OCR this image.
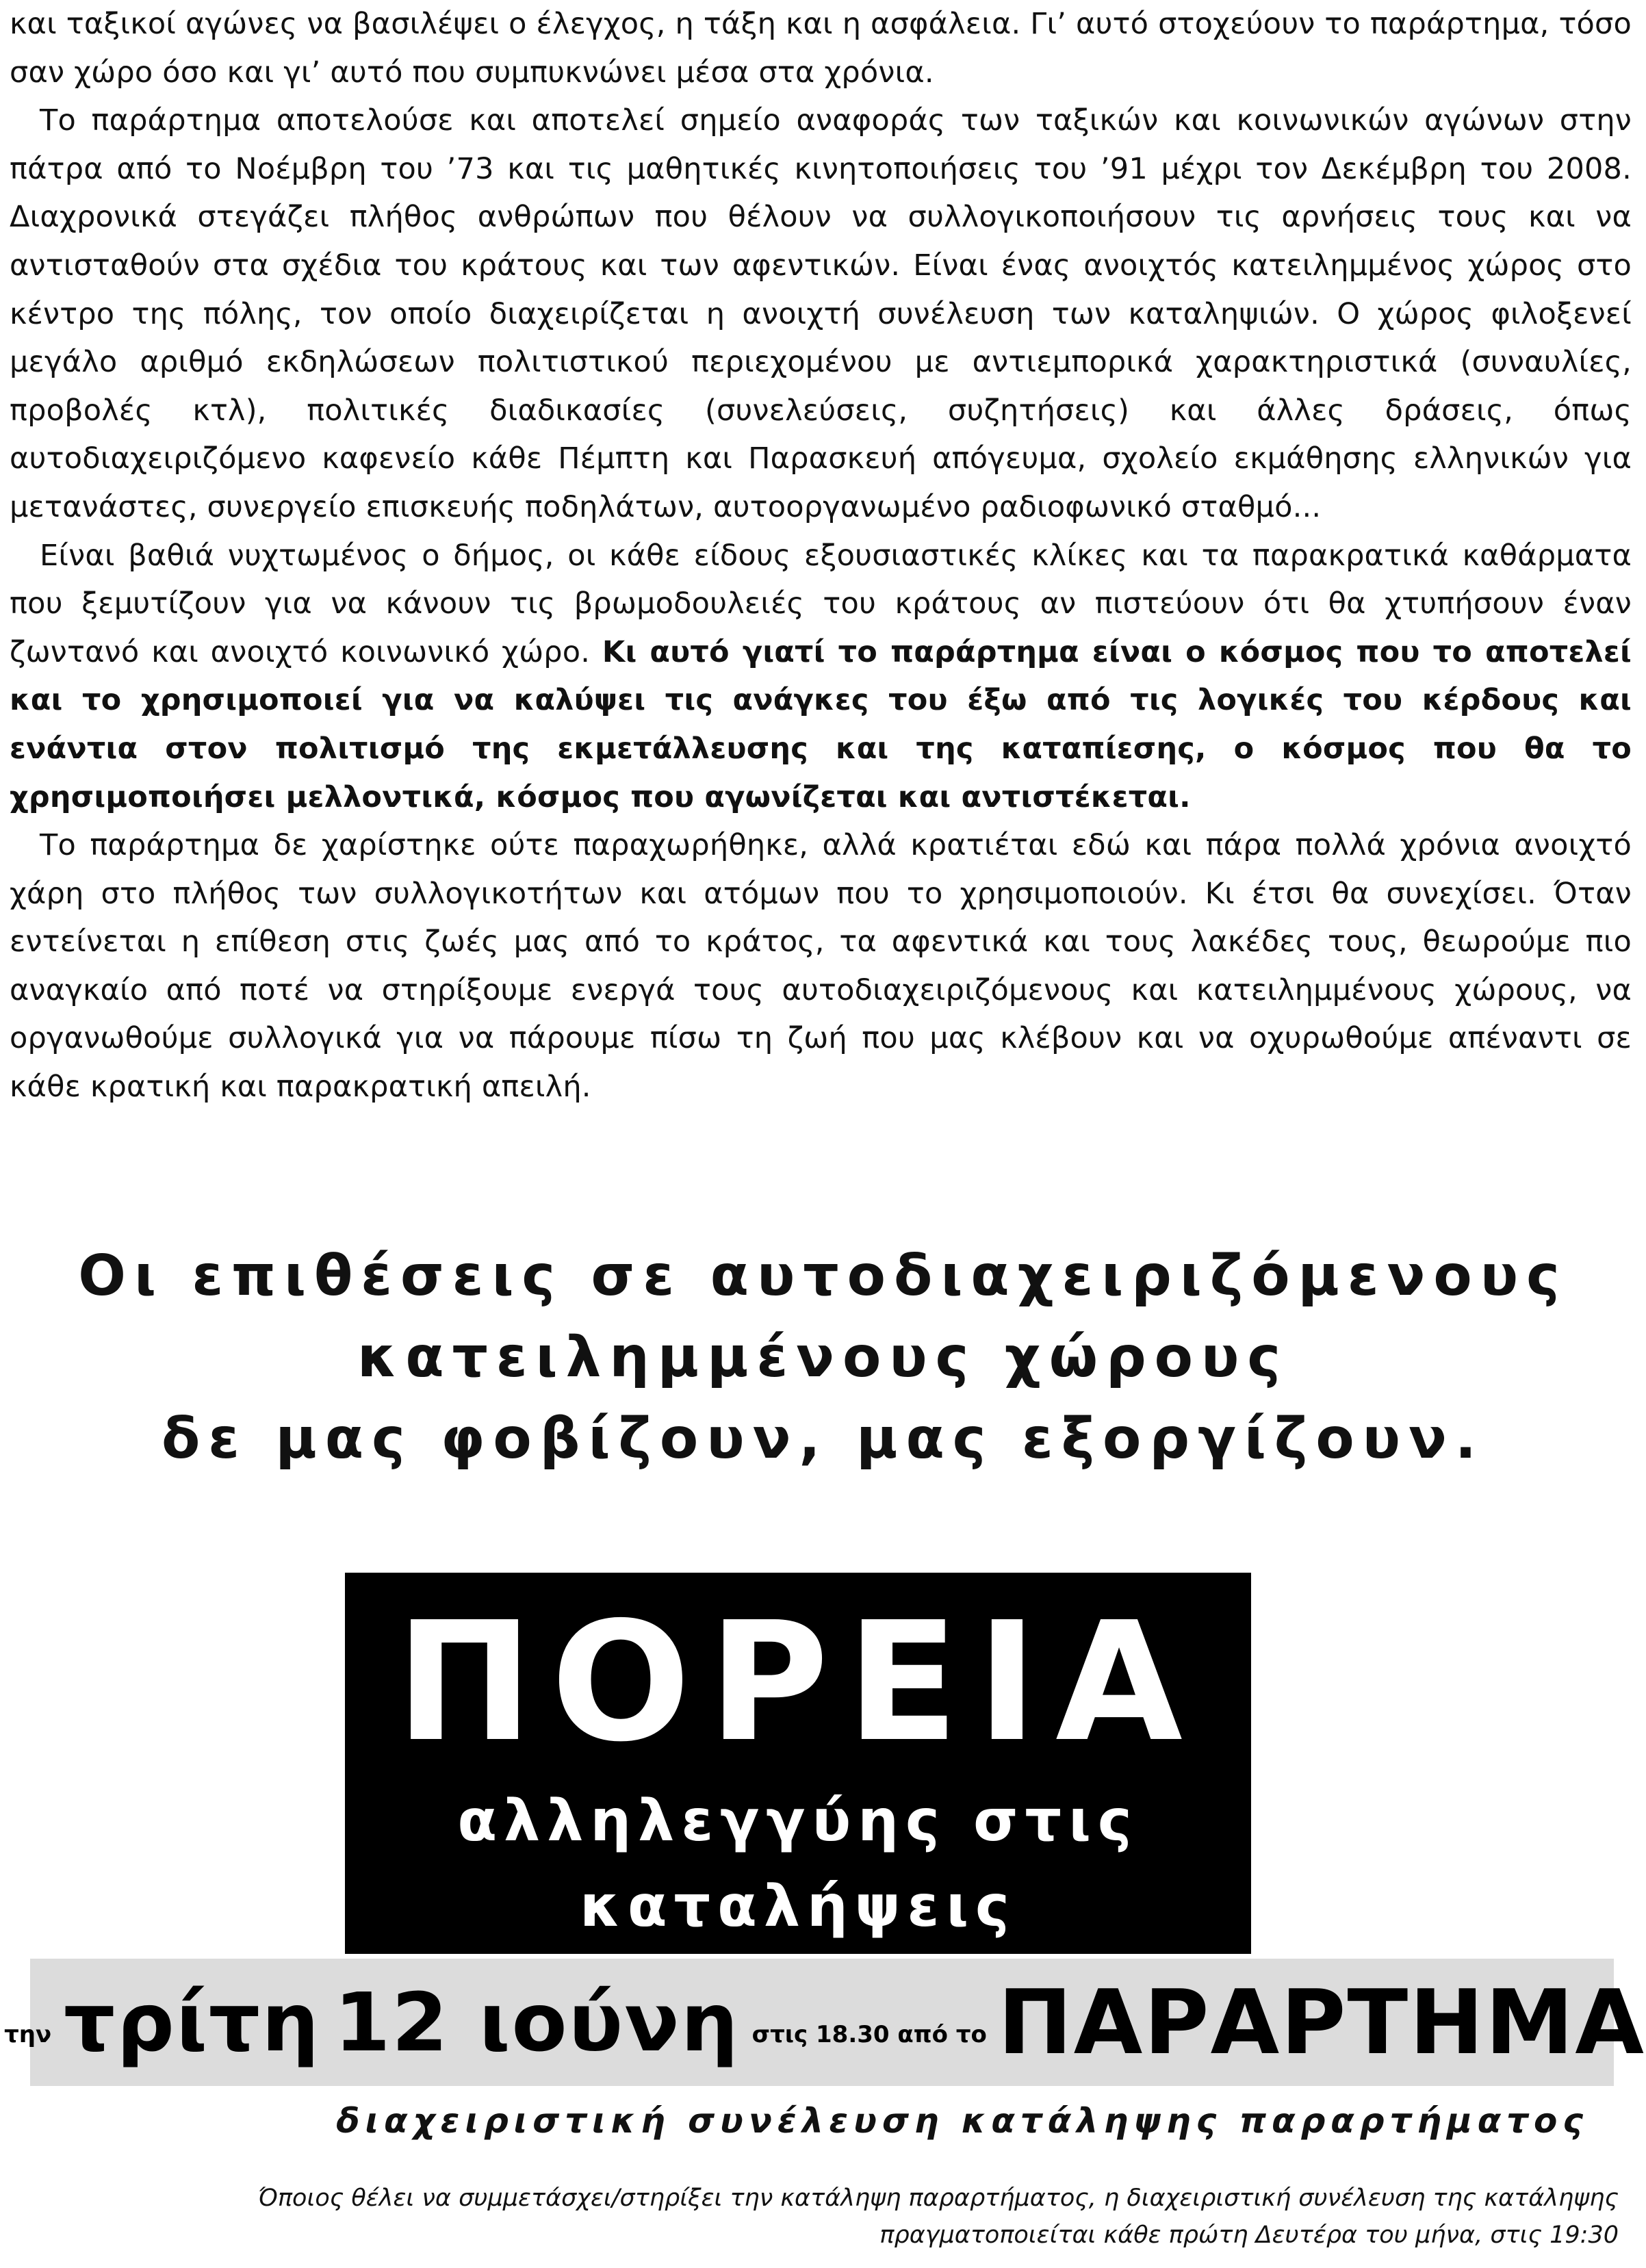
και ταξικοί αγώνες να βασιλέψει ο έλεγχος, η τάξη και η ασφάλεια. Γι’ αυτό στοχεύουν το παράρτημα, τόσο σαν χώρο όσο και γι’ αυτό που συμπυκνώνει μέσα στα χρόνια.

Το παράρτημα αποτελούσε και αποτελεί σημείο αναφοράς των ταξικών και κοινωνικών αγώνων στην πάτρα από το Νοέμβρη του ’73 και τις μαθητικές κινητοποιήσεις του ’91 μέχρι τον Δεκέμβρη του 2008. Διαχρονικά στεγάζει πλήθος ανθρώπων που θέλουν να συλλογικοποιήσουν τις αρνήσεις τους και να αντισταθούν στα σχέδια του κράτους και των αφεντικών. Είναι ένας ανοιχτός κατειλημμένος χώρος στο κέντρο της πόλης, τον οποίο διαχειρίζεται η ανοιχτή συνέλευση των καταληψιών. Ο χώρος φιλοξενεί μεγάλο αριθμό εκδηλώσεων πολιτιστικού περιεχομένου με αντιεμπορικά χαρακτηριστικά (συναυλίες, προβολές κτλ), πολιτικές διαδικασίες (συνελεύσεις, συζητήσεις) και άλλες δράσεις, όπως αυτοδιαχειριζόμενο καφενείο κάθε Πέμπτη και Παρασκευή απόγευμα, σχολείο εκμάθησης ελληνικών για μετανάστες, συνεργείο επισκευής ποδηλάτων, αυτοοργανωμένο ραδιοφωνικό σταθμό...

Είναι βαθιά νυχτωμένος ο δήμος, οι κάθε είδους εξουσιαστικές κλίκες και τα παρακρατικά καθάρματα που ξεμυτίζουν για να κάνουν τις βρωμοδουλειές του κράτους αν πιστεύουν ότι θα χτυπήσουν έναν ζωντανό και ανοιχτό κοινωνικό χώρο. Κι αυτό γιατί το παράρτημα είναι ο κόσμος που το αποτελεί και το χρησιμοποιεί για να καλύψει τις ανάγκες του έξω από τις λογικές του κέρδους και ενάντια στον πολιτισμό της εκμετάλλευσης και της καταπίεσης, ο κόσμος που θα το χρησιμοποιήσει μελλοντικά, κόσμος που αγωνίζεται και αντιστέκεται.

Το παράρτημα δε χαρίστηκε ούτε παραχωρήθηκε, αλλά κρατιέται εδώ και πάρα πολλά χρόνια ανοιχτό χάρη στο πλήθος των συλλογικοτήτων και ατόμων που το χρησιμοποιούν. Κι έτσι θα συνεχίσει. Όταν εντείνεται η επίθεση στις ζωές μας από το κράτος, τα αφεντικά και τους λακέδες τους, θεωρούμε πιο αναγκαίο από ποτέ να στηρίξουμε ενεργά τους αυτοδιαχειριζόμενους και κατειλημμένους χώρους, να οργανωθούμε συλλογικά για να πάρουμε πίσω τη ζωή που μας κλέβουν και να οχυρωθούμε απέναντι σε κάθε κρατική και παρακρατική απειλή.

Οι επιθέσεις σε αυτοδιαχειριζόμενους
κατειλημμένους χώρους
δε μας φοβίζουν, μας εξοργίζουν.
ΠΟΡΕΙΑ
αλληλεγγύης στις
καταλήψεις
την τρίτη 12 ιούνη στις 18.30 από το ΠΑΡΑΡΤΗΜΑ
διαχειριστική συνέλευση κατάληψης παραρτήματος
Όποιος θέλει να συμμετάσχει/στηρίξει την κατάληψη παραρτήματος, η διαχειριστική συνέλευση της κατάληψης
πραγματοποιείται κάθε πρώτη Δευτέρα του μήνα, στις 19:30
